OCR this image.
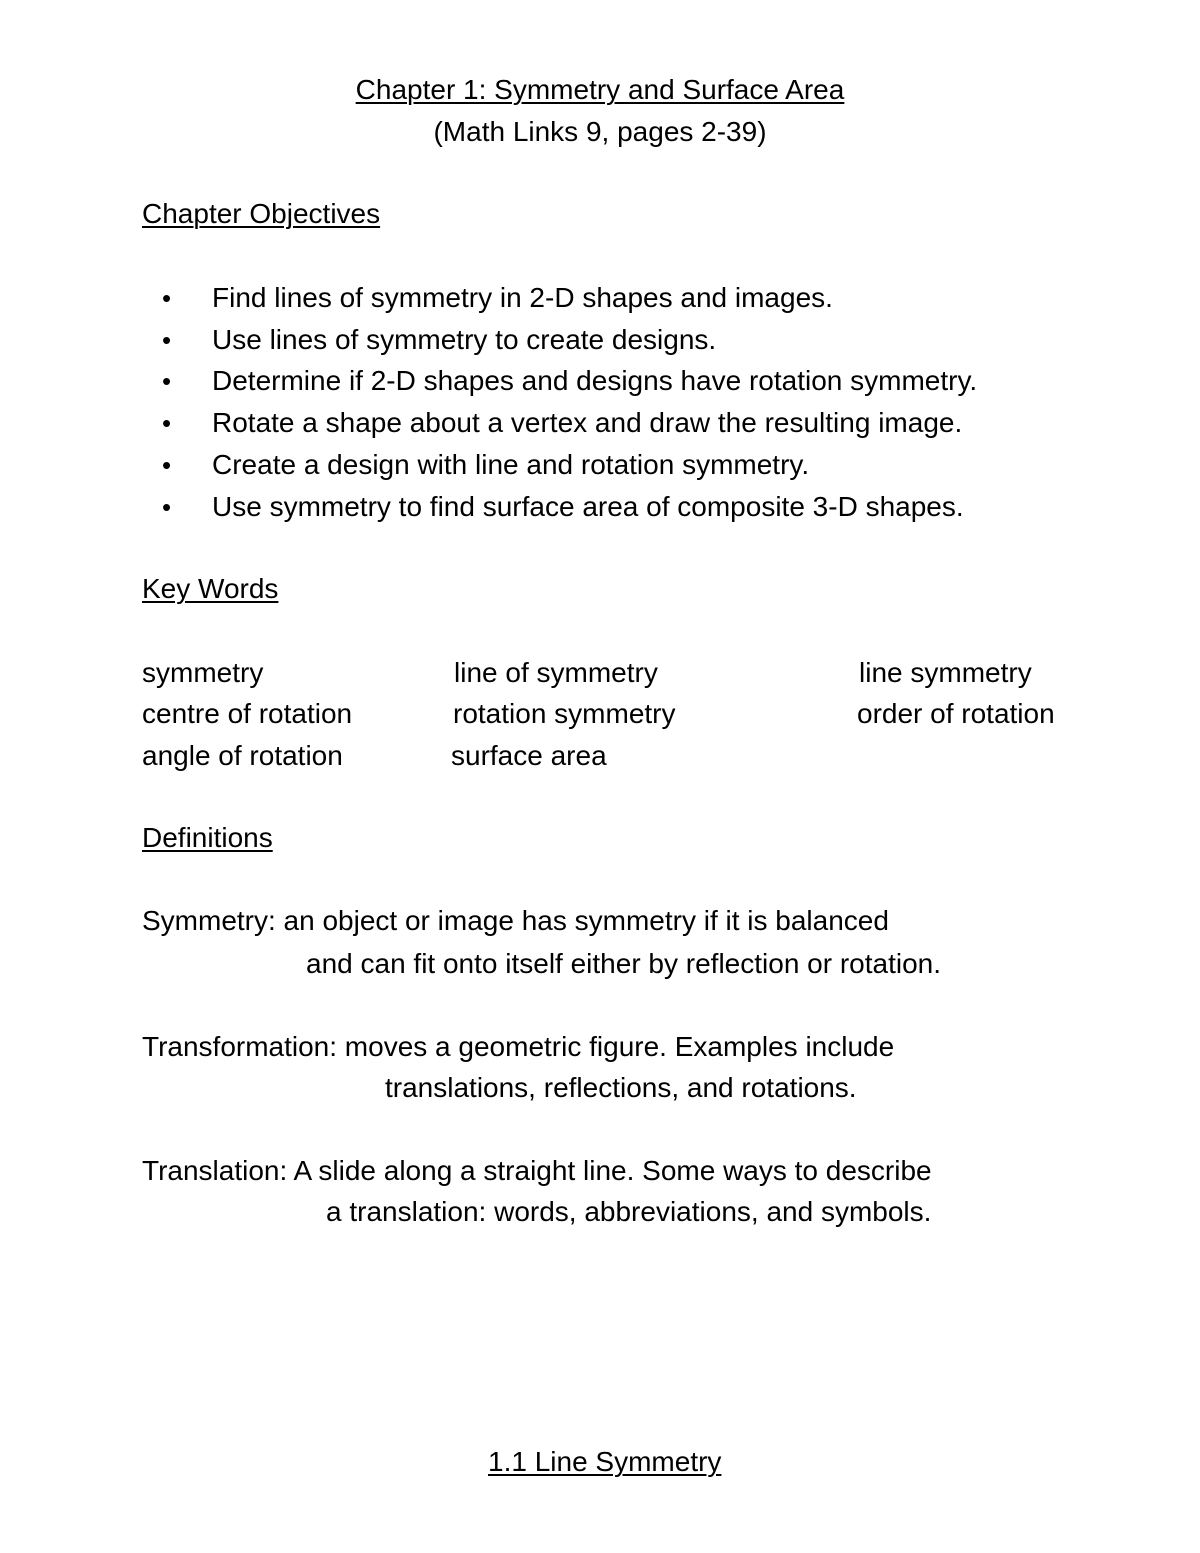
Chapter 1: Symmetry and Surface Area
(Math Links 9, pages 2-39)
Chapter Objectives
• Find lines of symmetry in 2-D shapes and images.
• Use lines of symmetry to create designs.
• Determine if 2-D shapes and designs have rotation symmetry.
• Rotate a shape about a vertex and draw the resulting image.
• Create a design with line and rotation symmetry.
• Use symmetry to find surface area of composite 3-D shapes.
Key Words
symmetry
centre of rotation
angle of rotation
line of symmetry
rotation symmetry
surface area
line symmetry
order of rotation
Definitions
Symmetry: an object or image has symmetry if it is balanced
and can fit onto itself either by reflection or rotation.
Transformation: moves a geometric figure. Examples include
translations, reflections, and rotations.
Translation: A slide along a straight line. Some ways to describe
a translation: words, abbreviations, and symbols.
1.1 Line Symmetry
